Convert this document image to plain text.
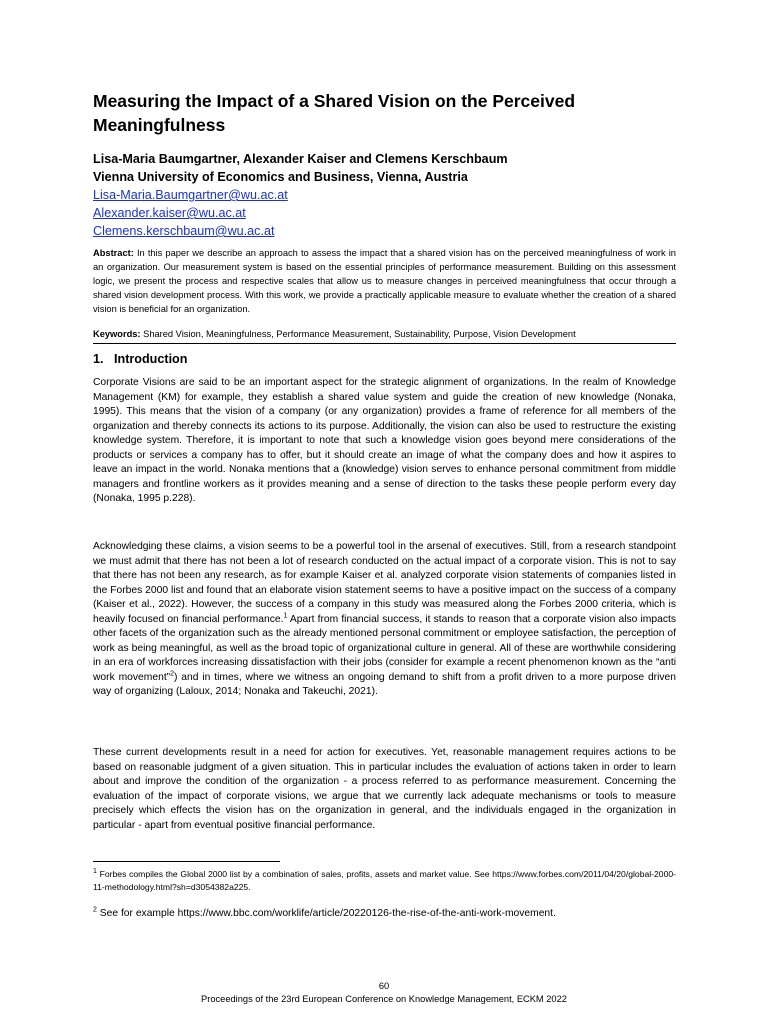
Measuring the Impact of a Shared Vision on the Perceived Meaningfulness

Lisa-Maria Baumgartner, Alexander Kaiser and Clemens Kerschbaum

Vienna University of Economics and Business, Vienna, Austria

Lisa-Maria.Baumgartner@wu.ac.at
Alexander.kaiser@wu.ac.at
Clemens.kerschbaum@wu.ac.at

Abstract: In this paper we describe an approach to assess the impact that a shared vision has on the perceived meaningfulness of work in an organization. Our measurement system is based on the essential principles of performance measurement. Building on this assessment logic, we present the process and respective scales that allow us to measure changes in perceived meaningfulness that occur through a shared vision development process. With this work, we provide a practically applicable measure to evaluate whether the creation of a shared vision is beneficial for an organization.

Keywords: Shared Vision, Meaningfulness, Performance Measurement, Sustainability, Purpose, Vision Development

1. Introduction

Corporate Visions are said to be an important aspect for the strategic alignment of organizations. In the realm of Knowledge Management (KM) for example, they establish a shared value system and guide the creation of new knowledge (Nonaka, 1995). This means that the vision of a company (or any organization) provides a frame of reference for all members of the organization and thereby connects its actions to its purpose. Additionally, the vision can also be used to restructure the existing knowledge system. Therefore, it is important to note that such a knowledge vision goes beyond mere considerations of the products or services a company has to offer, but it should create an image of what the company does and how it aspires to leave an impact in the world. Nonaka mentions that a (knowledge) vision serves to enhance personal commitment from middle managers and frontline workers as it provides meaning and a sense of direction to the tasks these people perform every day (Nonaka, 1995 p.228).

Acknowledging these claims, a vision seems to be a powerful tool in the arsenal of executives. Still, from a research standpoint we must admit that there has not been a lot of research conducted on the actual impact of a corporate vision. This is not to say that there has not been any research, as for example Kaiser et al. analyzed corporate vision statements of companies listed in the Forbes 2000 list and found that an elaborate vision statement seems to have a positive impact on the success of a company (Kaiser et al., 2022). However, the success of a company in this study was measured along the Forbes 2000 criteria, which is heavily focused on financial performance.$^1$ Apart from financial success, it stands to reason that a corporate vision also impacts other facets of the organization such as the already mentioned personal commitment or employee satisfaction, the perception of work as being meaningful, as well as the broad topic of organizational culture in general. All of these are worthwhile considering in an era of workforces increasing dissatisfaction with their jobs (consider for example a recent phenomenon known as the “anti work movement”$^2$) and in times, where we witness an ongoing demand to shift from a profit driven to a more purpose driven way of organizing (Laloux, 2014; Nonaka and Takeuchi, 2021).

These current developments result in a need for action for executives. Yet, reasonable management requires actions to be based on reasonable judgment of a given situation. This in particular includes the evaluation of actions taken in order to learn about and improve the condition of the organization - a process referred to as performance measurement. Concerning the evaluation of the impact of corporate visions, we argue that we currently lack adequate mechanisms or tools to measure precisely which effects the vision has on the organization in general, and the individuals engaged in the organization in particular - apart from eventual positive financial performance.

$^1$ Forbes compiles the Global 2000 list by a combination of sales, profits, assets and market value. See https://www.forbes.com/2011/04/20/global-2000-11-methodology.html?sh=d3054382a225.

$^2$ See for example https://www.bbc.com/worklife/article/20220126-the-rise-of-the-anti-work-movement.

60
Proceedings of the 23rd European Conference on Knowledge Management, ECKM 2022
